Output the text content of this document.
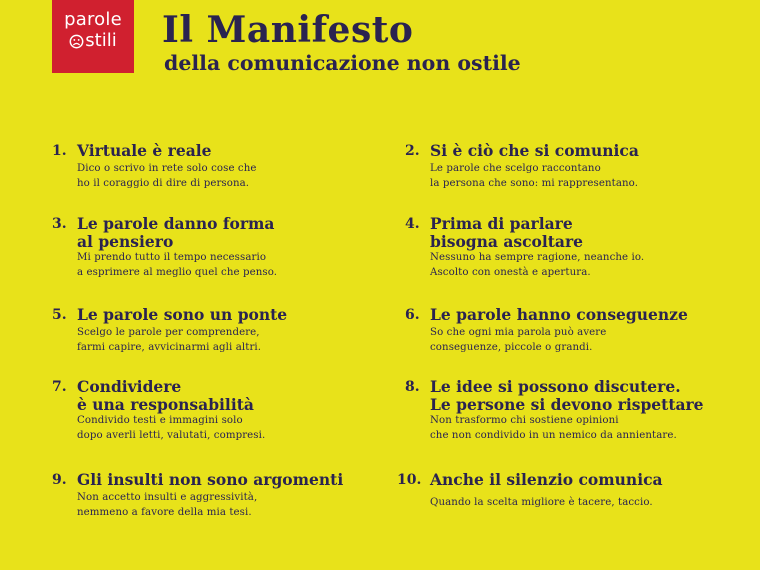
parole
stili Il Manifesto
della comunicazione non ostile
1. Virtuale è reale
Dico o scrivo in rete solo cose che
ho il coraggio di dire di persona.
2. Si è ciò che si comunica
Le parole che scelgo raccontano
la persona che sono: mi rappresentano.
3. Le parole danno forma
al pensiero
Mi prendo tutto il tempo necessario
a esprimere al meglio quel che penso.
4. Prima di parlare
bisogna ascoltare
Nessuno ha sempre ragione, neanche io.
Ascolto con onestà e apertura.
5. Le parole sono un ponte
Scelgo le parole per comprendere,
farmi capire, avvicinarmi agli altri.
6. Le parole hanno conseguenze
So che ogni mia parola può avere
conseguenze, piccole o grandi.
7. Condividere
è una responsabilità
Condivido testi e immagini solo
dopo averli letti, valutati, compresi.
8. Le idee si possono discutere.
Le persone si devono rispettare
Non trasformo chi sostiene opinioni
che non condivido in un nemico da annientare.
9. Gli insulti non sono argomenti
Non accetto insulti e aggressività,
nemmeno a favore della mia tesi.
10. Anche il silenzio comunica
Quando la scelta migliore è tacere, taccio.
